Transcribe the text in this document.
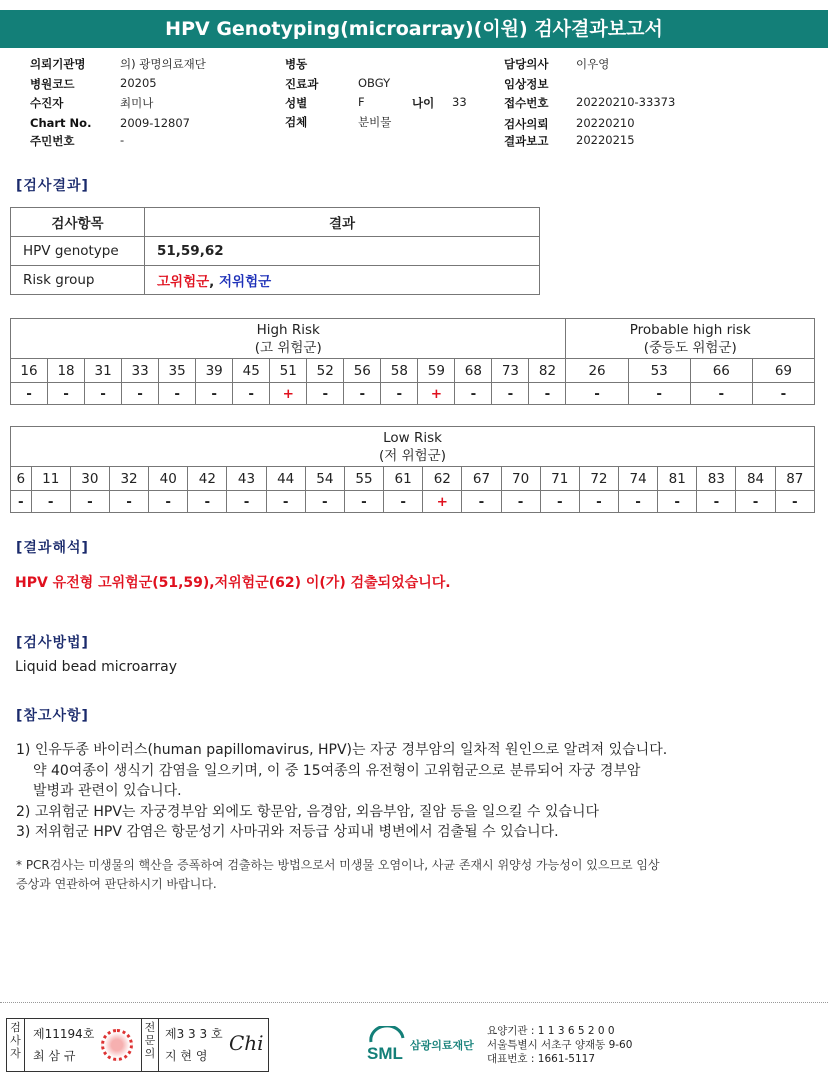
HPV Genotyping(microarray)(이원) 검사결과보고서
의뢰기관명	의) 광명의료재단
병원코드	20205
수진자	최미나
Chart No. 2009-12807
주민번호	-
병동
진료과	OBGY
성별	F	나이 33
검체	분비물
담당의사 이우영
임상정보
접수번호 20220210-33373
검사의뢰 20220210
결과보고 20220215
[검사결과]
검사항목	결과
HPV genotype	51,59,62
Risk group	고위험군, 저위험군
High Risk
(고 위험군)															Probable high risk
(중등도 위험군)			
16	18	31	33	35	39	45	51	52	56	58	59	68	73	82	26	53	66	69
-	-	-	-	-	-	-	+	-	-	-	+	-	-	-	-	-	-	-
Low Risk
(저 위험군)																				
6	11	30	32	40	42	43	44	54	55	61	62	67	70	71	72	74	81	83	84	87
-	-	-	-	-	-	-	-	-	-	-	+	-	-	-	-	-	-	-	-	-
[결과해석]
HPV 유전형 고위험군(51,59),저위험군(62) 이(가) 검출되었습니다.
[검사방법]
Liquid bead microarray
[참고사항]
1) 인유두종 바이러스(human papillomavirus, HPV)는 자궁 경부암의 일차적 원인으로 알려져 있습니다.
약 40여종이 생식기 감염을 일으키며, 이 중 15여종의 유전형이 고위험군으로 분류되어 자궁 경부암
발병과 관련이 있습니다.
2) 고위험군 HPV는 자궁경부암 외에도 항문암, 음경암, 외음부암, 질암 등을 일으킬 수 있습니다
3) 저위험군 HPV 감염은 항문성기 사마귀와 저등급 상피내 병변에서 검출될 수 있습니다.
* PCR검사는 미생물의 핵산을 증폭하여 검출하는 방법으로서 미생물 오염이나, 사균 존재시 위양성 가능성이 있으므로 임상
증상과 연관하여 판단하시기 바랍니다.
검
사
자
제11194호
최 삼 규
전
문
의
제3 3 3 호
지 현 영
Chi	SML 삼광의료재단
요양기관 : 1 1 3 6 5 2 0 0
서울특별시 서초구 양재동 9-60
대표번호 : 1661-5117
